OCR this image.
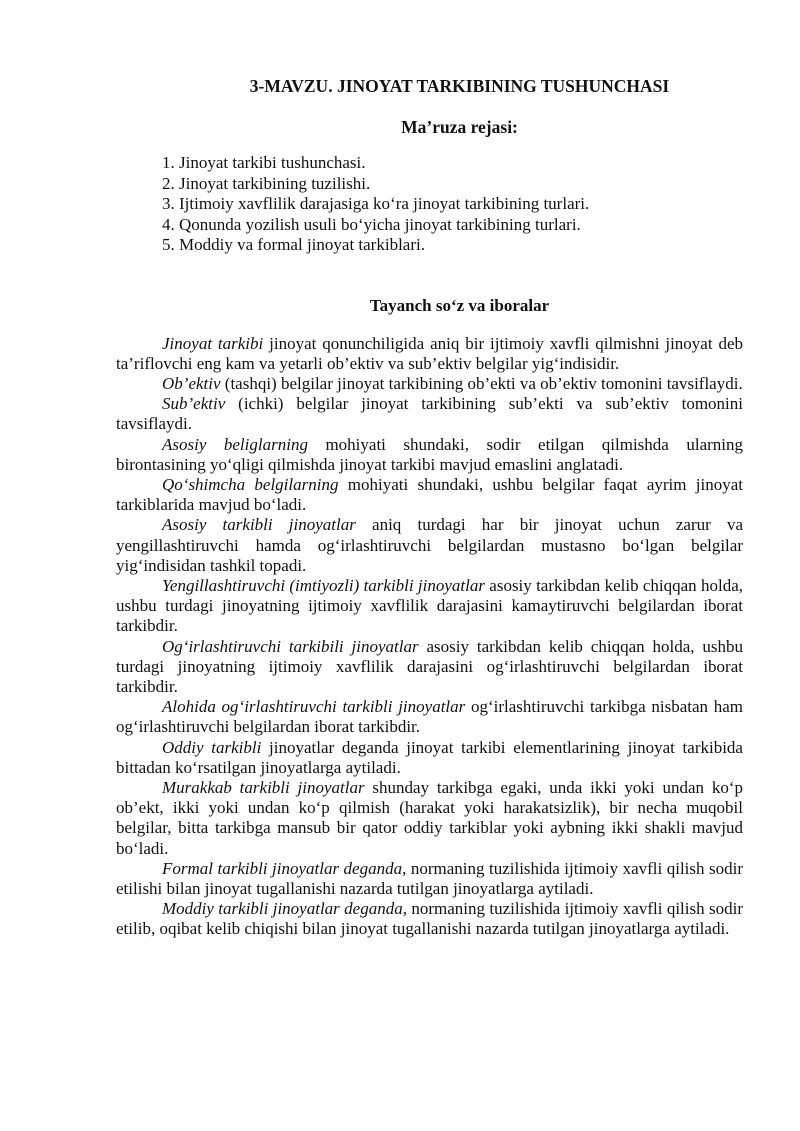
3-MAVZU. JINOYAT TARKIBINING TUSHUNCHASI
Ma’ruza rejasi:
1. Jinoyat tarkibi tushunchasi.
2. Jinoyat tarkibining tuzilishi.
3. Ijtimoiy xavflilik darajasiga ko‘ra jinoyat tarkibining turlari.
4. Qonunda yozilish usuli bo‘yicha jinoyat tarkibining turlari.
5. Moddiy va formal jinoyat tarkiblari.
Tayanch so‘z va iboralar

Jinoyat tarkibi jinoyat qonunchiligida aniq bir ijtimoiy xavfli qilmishni jinoyat deb ta’riflovchi eng kam va yetarli ob’ektiv va sub’ektiv belgilar yig‘indisidir.

Ob’ektiv (tashqi) belgilar jinoyat tarkibining ob’ekti va ob’ektiv tomonini tavsiflaydi.

Sub’ektiv (ichki) belgilar jinoyat tarkibining sub’ekti va sub’ektiv tomonini tavsiflaydi.

Asosiy beliglarning mohiyati shundaki, sodir etilgan qilmishda ularning birontasining yo‘qligi qilmishda jinoyat tarkibi mavjud emaslini anglatadi.

Qo‘shimcha belgilarning mohiyati shundaki, ushbu belgilar faqat ayrim jinoyat tarkiblarida mavjud bo‘ladi.

Asosiy tarkibli jinoyatlar aniq turdagi har bir jinoyat uchun zarur va yengillashtiruvchi hamda og‘irlashtiruvchi belgilardan mustasno bo‘lgan belgilar yig‘indisidan tashkil topadi.

Yengillashtiruvchi (imtiyozli) tarkibli jinoyatlar asosiy tarkibdan kelib chiqqan holda, ushbu turdagi jinoyatning ijtimoiy xavflilik darajasini kamaytiruvchi belgilardan iborat tarkibdir.

Og‘irlashtiruvchi tarkibili jinoyatlar asosiy tarkibdan kelib chiqqan holda, ushbu turdagi jinoyatning ijtimoiy xavflilik darajasini og‘irlashtiruvchi belgilardan iborat tarkibdir.

Alohida og‘irlashtiruvchi tarkibli jinoyatlar og‘irlashtiruvchi tarkibga nisbatan ham og‘irlashtiruvchi belgilardan iborat tarkibdir.

Oddiy tarkibli jinoyatlar deganda jinoyat tarkibi elementlarining jinoyat tarkibida bittadan ko‘rsatilgan jinoyatlarga aytiladi.

Murakkab tarkibli jinoyatlar shunday tarkibga egaki, unda ikki yoki undan ko‘p ob’ekt, ikki yoki undan ko‘p qilmish (harakat yoki harakatsizlik), bir necha muqobil belgilar, bitta tarkibga mansub bir qator oddiy tarkiblar yoki aybning ikki shakli mavjud bo‘ladi.

Formal tarkibli jinoyatlar deganda, normaning tuzilishida ijtimoiy xavfli qilish sodir etilishi bilan jinoyat tugallanishi nazarda tutilgan jinoyatlarga aytiladi.

Moddiy tarkibli jinoyatlar deganda, normaning tuzilishida ijtimoiy xavfli qilish sodir etilib, oqibat kelib chiqishi bilan jinoyat tugallanishi nazarda tutilgan jinoyatlarga aytiladi.
